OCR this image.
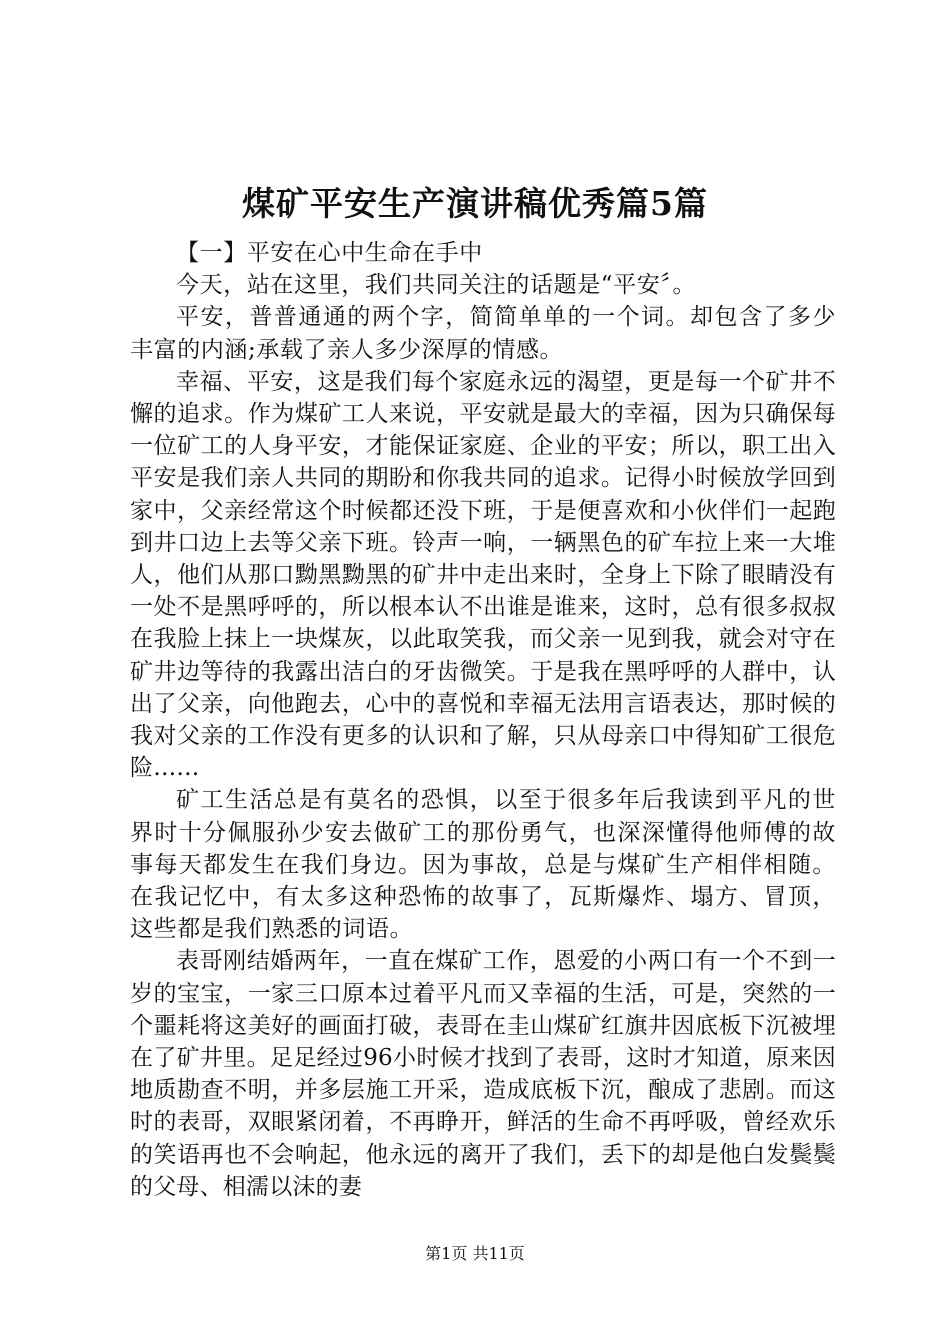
煤矿平安生产演讲稿优秀篇5篇

【一】平安在心中生命在手中

今天，站在这里，我们共同关注的话题是“平安〞。

平安，普普通通的两个字，简简单单的一个词。却包含了多少丰富的内涵;承载了亲人多少深厚的情感。

幸福、平安，这是我们每个家庭永远的渴望，更是每一个矿井不懈的追求。作为煤矿工人来说，平安就是最大的幸福，因为只确保每一位矿工的人身平安，才能保证家庭、企业的平安；所以，职工出入平安是我们亲人共同的期盼和你我共同的追求。记得小时候放学回到家中，父亲经常这个时候都还没下班，于是便喜欢和小伙伴们一起跑到井口边上去等父亲下班。铃声一响，一辆黑色的矿车拉上来一大堆人，他们从那口黝黑黝黑的矿井中走出来时，全身上下除了眼睛没有一处不是黑呼呼的，所以根本认不出谁是谁来，这时，总有很多叔叔在我脸上抹上一块煤灰，以此取笑我，而父亲一见到我，就会对守在矿井边等待的我露出洁白的牙齿微笑。于是我在黑呼呼的人群中，认出了父亲，向他跑去，心中的喜悦和幸福无法用言语表达，那时候的我对父亲的工作没有更多的认识和了解，只从母亲口中得知矿工很危险……

矿工生活总是有莫名的恐惧，以至于很多年后我读到平凡的世界时十分佩服孙少安去做矿工的那份勇气，也深深懂得他师傅的故事每天都发生在我们身边。因为事故，总是与煤矿生产相伴相随。在我记忆中，有太多这种恐怖的故事了，瓦斯爆炸、塌方、冒顶，这些都是我们熟悉的词语。

表哥刚结婚两年，一直在煤矿工作，恩爱的小两口有一个不到一岁的宝宝，一家三口原本过着平凡而又幸福的生活，可是，突然的一个噩耗将这美好的画面打破，表哥在圭山煤矿红旗井因底板下沉被埋在了矿井里。足足经过96小时候才找到了表哥，这时才知道，原来因地质勘查不明，并多层施工开采，造成底板下沉，酿成了悲剧。而这时的表哥，双眼紧闭着，不再睁开，鲜活的生命不再呼吸，曾经欢乐的笑语再也不会响起，他永远的离开了我们，丢下的却是他白发鬓鬓的父母、相濡以沫的妻

第1页 共11页
